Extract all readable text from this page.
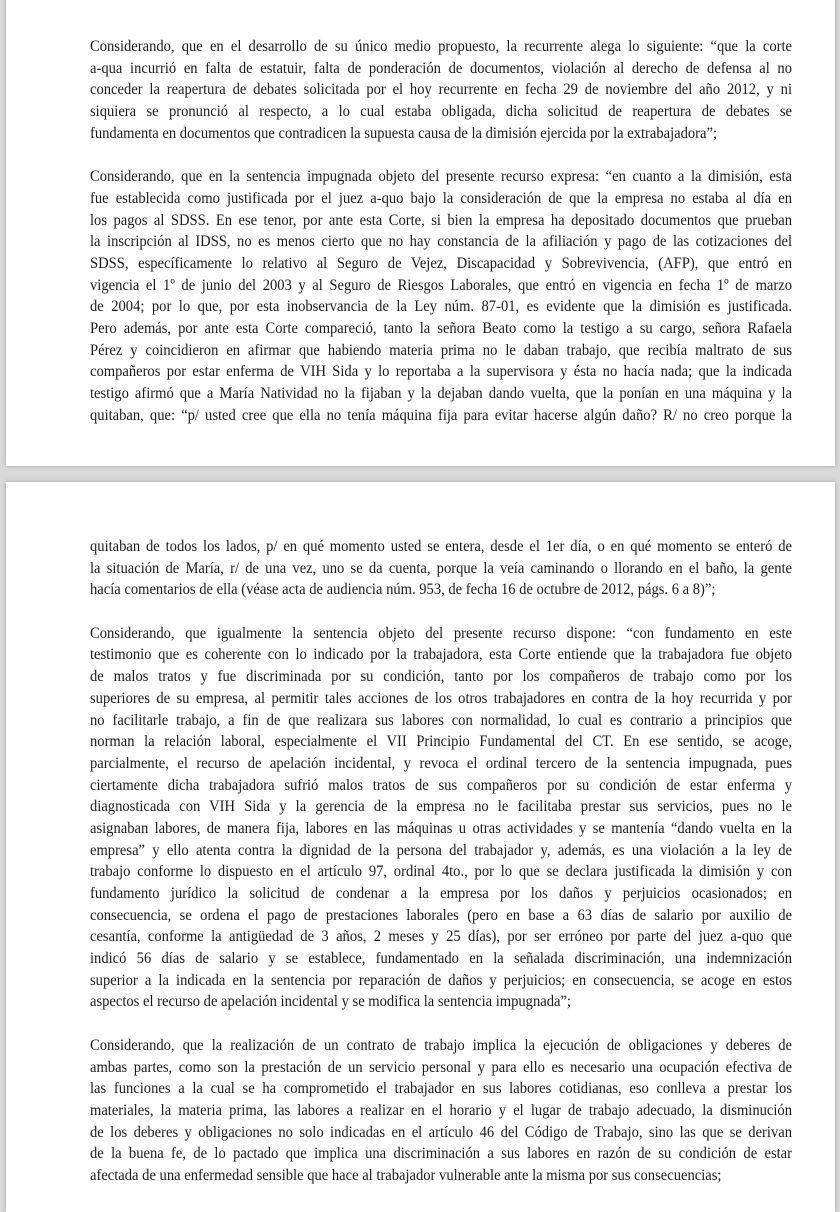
Considerando, que en el desarrollo de su único medio propuesto, la recurrente alega lo siguiente: “que la corte
a-qua incurrió en falta de estatuir, falta de ponderación de documentos, violación al derecho de defensa al no
conceder la reapertura de debates solicitada por el hoy recurrente en fecha 29 de noviembre del año 2012, y ni
siquiera se pronunció al respecto, a lo cual estaba obligada, dicha solicitud de reapertura de debates se
fundamenta en documentos que contradicen la supuesta causa de la dimisión ejercida por la extrabajadora”;
Considerando, que en la sentencia impugnada objeto del presente recurso expresa: “en cuanto a la dimisión, esta
fue establecida como justificada por el juez a-quo bajo la consideración de que la empresa no estaba al día en
los pagos al SDSS. En ese tenor, por ante esta Corte, si bien la empresa ha depositado documentos que prueban
la inscripción al IDSS, no es menos cierto que no hay constancia de la afiliación y pago de las cotizaciones del
SDSS, específicamente lo relativo al Seguro de Vejez, Discapacidad y Sobrevivencia, (AFP), que entró en
vigencia el 1º de junio del 2003 y al Seguro de Riesgos Laborales, que entró en vigencia en fecha 1º de marzo
de 2004; por lo que, por esta inobservancia de la Ley núm. 87-01, es evidente que la dimisión es justificada.
Pero además, por ante esta Corte compareció, tanto la señora Beato como la testigo a su cargo, señora Rafaela
Pérez y coincidieron en afirmar que habiendo materia prima no le daban trabajo, que recibía maltrato de sus
compañeros por estar enferma de VIH Sida y lo reportaba a la supervisora y ésta no hacía nada; que la indicada
testigo afirmó que a María Natividad no la fijaban y la dejaban dando vuelta, que la ponían en una máquina y la
quitaban, que: “p/ usted cree que ella no tenía máquina fija para evitar hacerse algún daño? R/ no creo porque la
quitaban de todos los lados, p/ en qué momento usted se entera, desde el 1er día, o en qué momento se enteró de
la situación de María, r/ de una vez, uno se da cuenta, porque la veía caminando o llorando en el baño, la gente
hacía comentarios de ella (véase acta de audiencia núm. 953, de fecha 16 de octubre de 2012, págs. 6 a 8)”;
Considerando, que igualmente la sentencia objeto del presente recurso dispone: “con fundamento en este
testimonio que es coherente con lo indicado por la trabajadora, esta Corte entiende que la trabajadora fue objeto
de malos tratos y fue discriminada por su condición, tanto por los compañeros de trabajo como por los
superiores de su empresa, al permitir tales acciones de los otros trabajadores en contra de la hoy recurrida y por
no facilitarle trabajo, a fin de que realizara sus labores con normalidad, lo cual es contrario a principios que
norman la relación laboral, especialmente el VII Principio Fundamental del CT. En ese sentido, se acoge,
parcialmente, el recurso de apelación incidental, y revoca el ordinal tercero de la sentencia impugnada, pues
ciertamente dicha trabajadora sufrió malos tratos de sus compañeros por su condición de estar enferma y
diagnosticada con VIH Sida y la gerencia de la empresa no le facilitaba prestar sus servicios, pues no le
asignaban labores, de manera fija, labores en las máquinas u otras actividades y se mantenía “dando vuelta en la
empresa” y ello atenta contra la dignidad de la persona del trabajador y, además, es una violación a la ley de
trabajo conforme lo dispuesto en el artículo 97, ordinal 4to., por lo que se declara justificada la dimisión y con
fundamento jurídico la solicitud de condenar a la empresa por los daños y perjuicios ocasionados; en
consecuencia, se ordena el pago de prestaciones laborales (pero en base a 63 días de salario por auxilio de
cesantía, conforme la antigüedad de 3 años, 2 meses y 25 días), por ser erróneo por parte del juez a-quo que
indicó 56 días de salario y se establece, fundamentado en la señalada discriminación, una indemnización
superior a la indicada en la sentencia por reparación de daños y perjuicios; en consecuencia, se acoge en estos
aspectos el recurso de apelación incidental y se modifica la sentencia impugnada”;
Considerando, que la realización de un contrato de trabajo implica la ejecución de obligaciones y deberes de
ambas partes, como son la prestación de un servicio personal y para ello es necesario una ocupación efectiva de
las funciones a la cual se ha comprometido el trabajador en sus labores cotidianas, eso conlleva a prestar los
materiales, la materia prima, las labores a realizar en el horario y el lugar de trabajo adecuado, la disminución
de los deberes y obligaciones no solo indicadas en el artículo 46 del Código de Trabajo, sino las que se derivan
de la buena fe, de lo pactado que implica una discriminación a sus labores en razón de su condición de estar
afectada de una enfermedad sensible que hace al trabajador vulnerable ante la misma por sus consecuencias;
